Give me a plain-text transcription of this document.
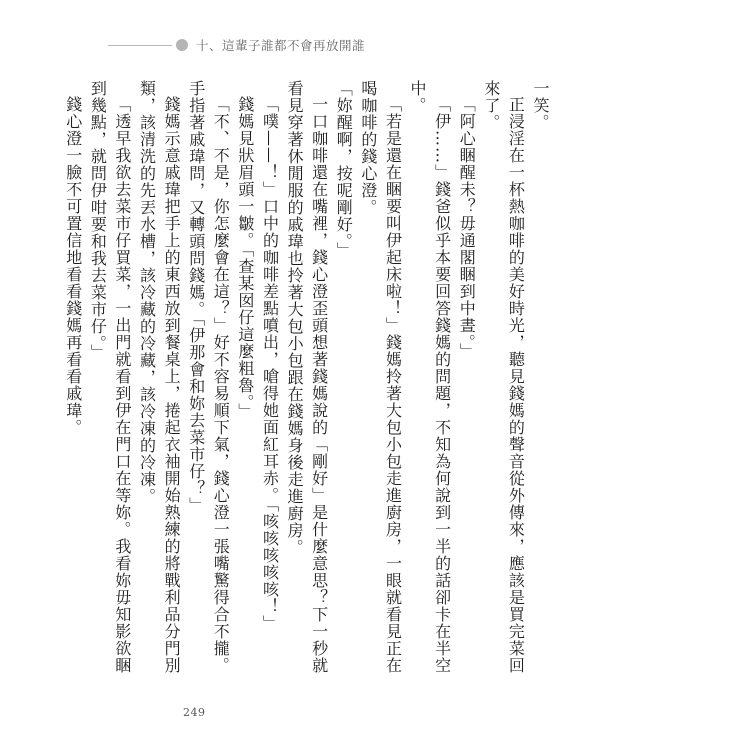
十、這輩子誰都不會再放開誰

一笑。

正浸淫在一杯熱咖啡的美好時光，聽見錢媽的聲音從外傳來，應該是買完菜回來了。

「阿心睏醒未？毋通閣睏到中晝。」

「伊……」錢爸似乎本要回答錢媽的問題，不知為何說到一半的話卻卡在半空中。

「若是還在睏要叫伊起床啦！」錢媽拎著大包小包走進廚房，一眼就看見正在喝咖啡的錢心澄。

「妳醒啊，按呢剛好。」

一口咖啡還在嘴裡，錢心澄歪頭想著錢媽說的「剛好」是什麼意思？下一秒就看見穿著休閒服的戚瑋也拎著大包小包跟在錢媽身後走進廚房。

「噗——！」口中的咖啡差點噴出，嗆得她面紅耳赤。「咳咳咳咳咳！」

錢媽見狀眉頭一皺。「查某囡仔這麼粗魯。」

「不、不是，你怎麼會在這？」好不容易順下氣，錢心澄一張嘴驚得合不攏。手指著戚瑋問，又轉頭問錢媽。「伊那會和妳去菜市仔？」

錢媽示意戚瑋把手上的東西放到餐桌上，捲起衣袖開始熟練的將戰利品分門別類，該清洗的先丟水槽，該冷藏的冷藏，該冷凍的冷凍。

「透早我欲去菜市仔買菜，一出門就看到伊在門口在等妳。我看妳毋知影欲睏到幾點，就問伊咁要和我去菜市仔。」

錢心澄一臉不可置信地看看錢媽再看看戚瑋。

249
